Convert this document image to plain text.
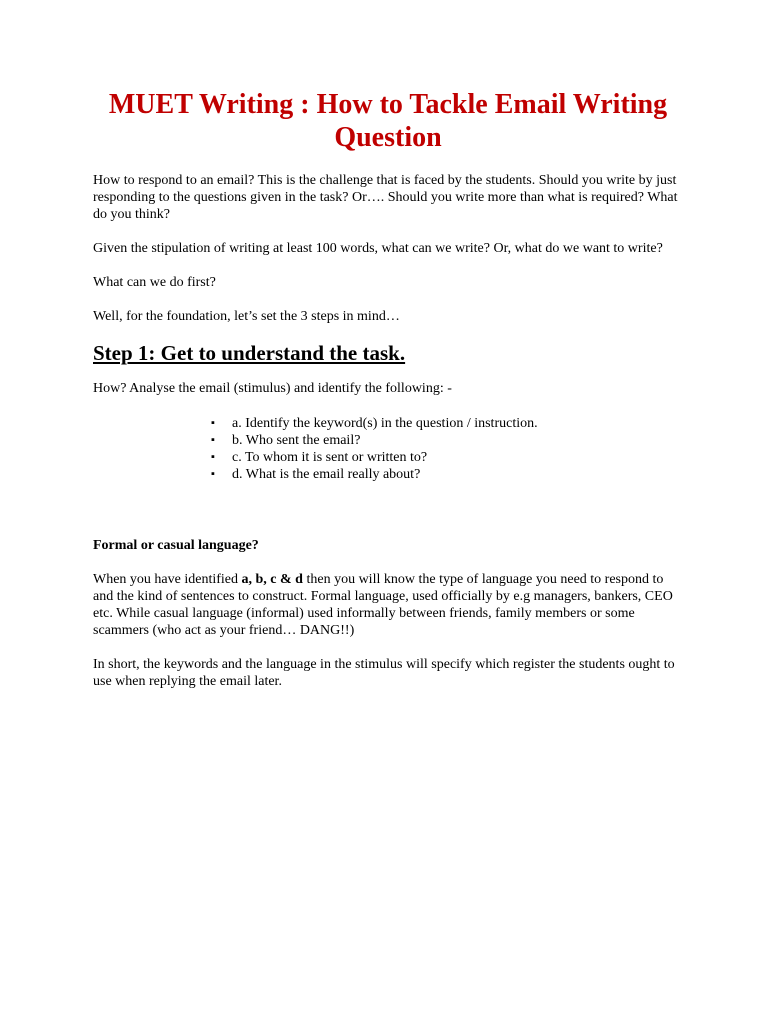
MUET Writing : How to Tackle Email Writing Question

How to respond to an email? This is the challenge that is faced by the students. Should you write by just responding to the questions given in the task? Or…. Should you write more than what is required? What do you think?

Given the stipulation of writing at least 100 words, what can we write? Or, what do we want to write?

What can we do first?

Well, for the foundation, let’s set the 3 steps in mind…

Step 1: Get to understand the task.

How? Analyse the email (stimulus) and identify the following: -

▪ a. Identify the keyword(s) in the question / instruction.
▪ b. Who sent the email?
▪ c. To whom it is sent or written to?
▪ d. What is the email really about?

Formal or casual language?

When you have identified a, b, c & d then you will know the type of language you need to respond to and the kind of sentences to construct. Formal language, used officially by e.g managers, bankers, CEO etc. While casual language (informal) used informally between friends, family members or some scammers (who act as your friend… DANG!!)

In short, the keywords and the language in the stimulus will specify which register the students ought to use when replying the email later.
